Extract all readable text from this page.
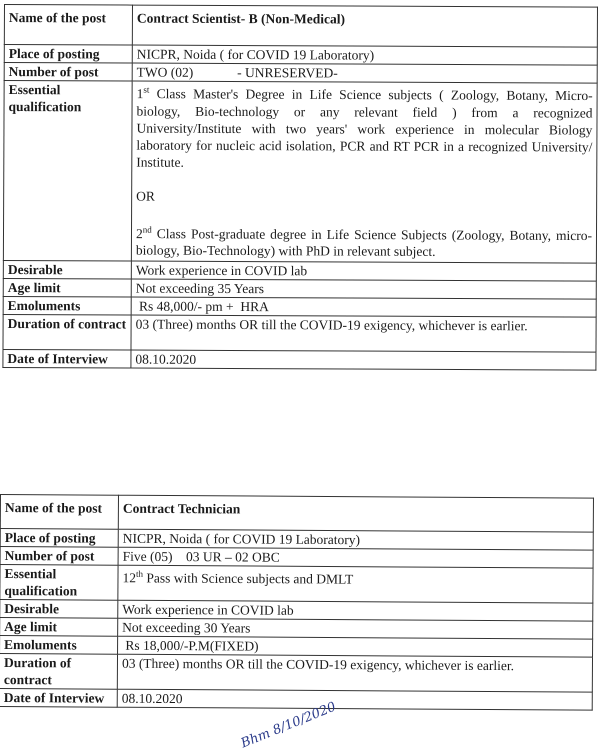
Name of the post	Contract Scientist- B (Non-Medical)
Place of posting	NICPR, Noida ( for COVID 19 Laboratory)
Number of post	TWO (02)             - UNRESERVED-
Essential qualification	1st Class Master's Degree in Life Science subjects ( Zoology, Botany, Micro-biology, Bio-technology or any relevant field ) from a recognized University/Institute with two years' work experience in molecular Biology laboratory for nucleic acid isolation, PCR and RT PCR in a recognized University/ Institute.

OR

2nd Class Post-graduate degree in Life Science Subjects (Zoology, Botany, micro-biology, Bio-Technology) with PhD in relevant subject.

Desirable	Work experience in COVID lab
Age limit	Not exceeding 35 Years
Emoluments	Rs 48,000/- pm +  HRA
Duration of contract	03 (Three) months OR till the COVID-19 exigency, whichever is earlier.
Date of Interview	08.10.2020
Name of the post	Contract Technician
Place of posting	NICPR, Noida ( for COVID 19 Laboratory)
Number of post	Five (05)    03 UR – 02 OBC
Essential qualification	12th Pass with Science subjects and DMLT

Desirable	Work experience in COVID lab
Age limit	Not exceeding 30 Years
Emoluments	Rs 18,000/-P.M(FIXED)
Duration of contract	03 (Three) months OR till the COVID-19 exigency, whichever is earlier.
Date of Interview	08.10.2020
Bhm 8/10/2020
